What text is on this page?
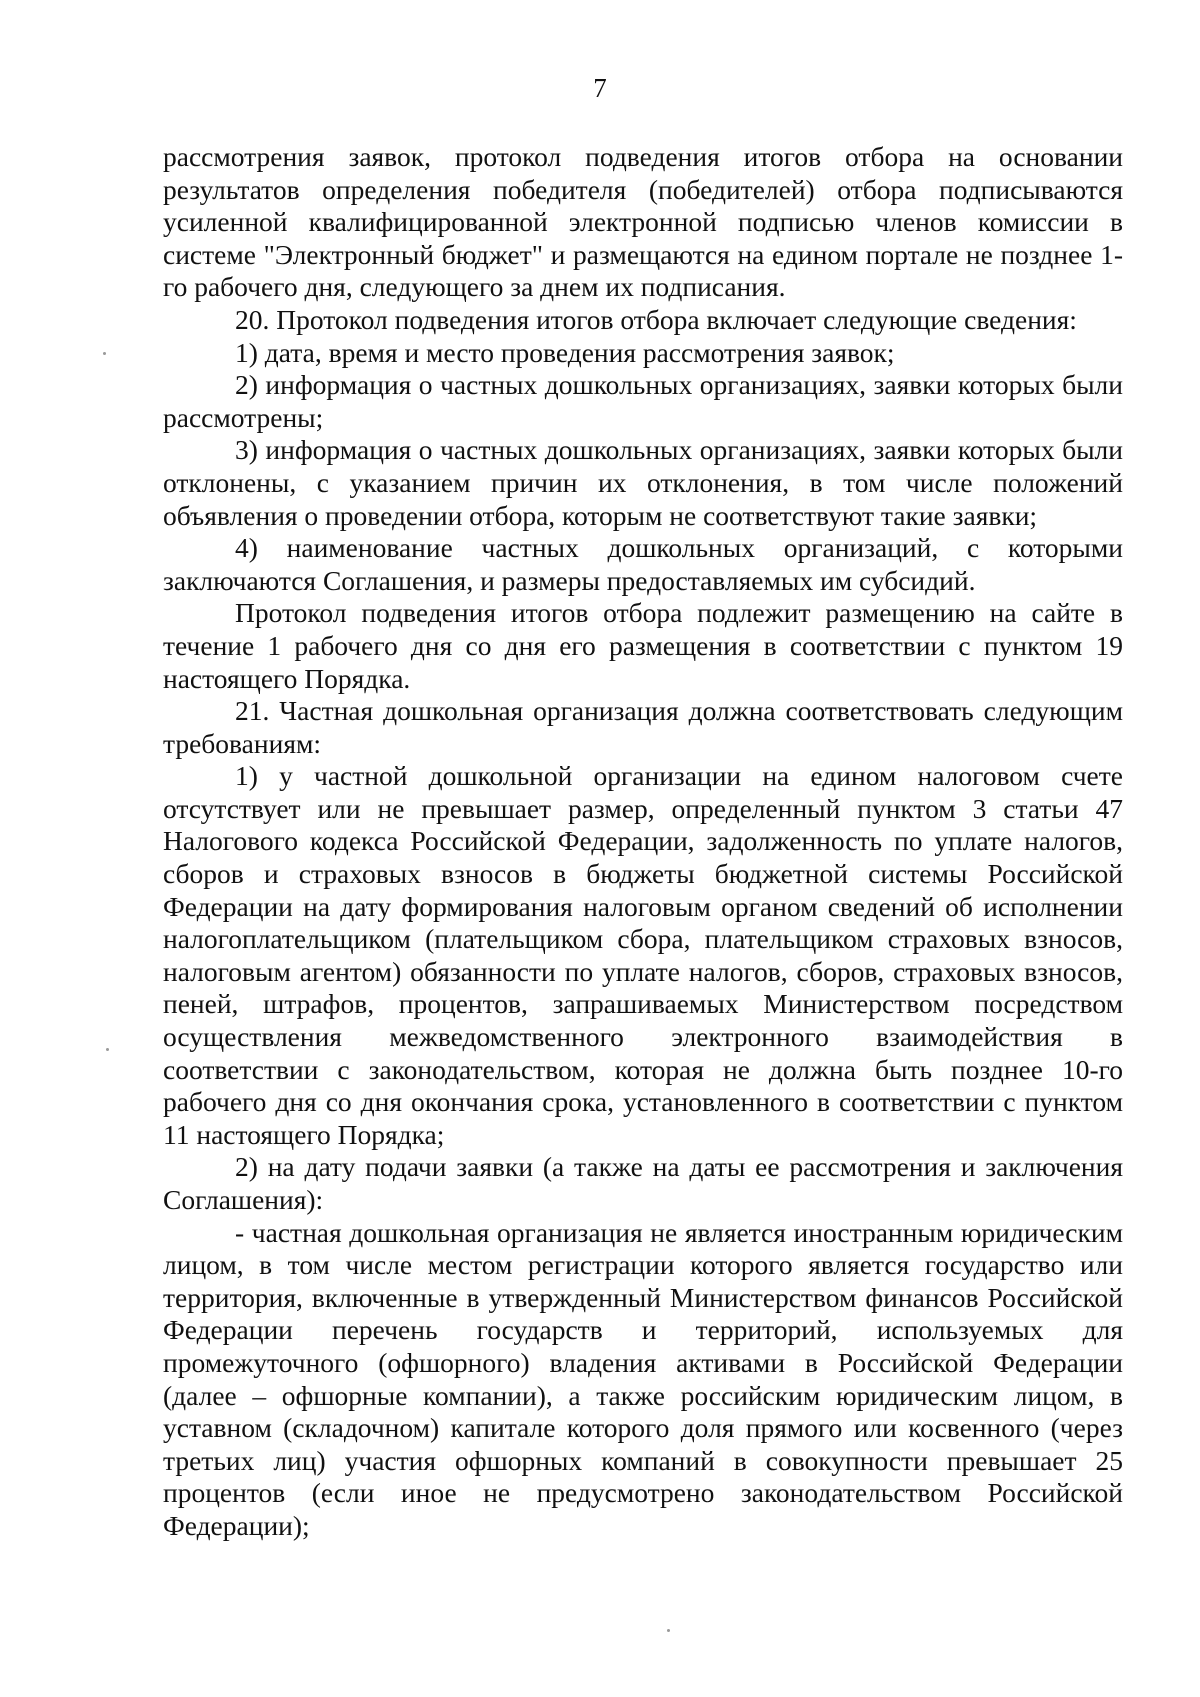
7

рассмотрения заявок, протокол подведения итогов отбора на основании результатов определения победителя (победителей) отбора подписываются усиленной квалифицированной электронной подписью членов комиссии в системе "Электронный бюджет" и размещаются на едином портале не позднее 1-го рабочего дня, следующего за днем их подписания.

20. Протокол подведения итогов отбора включает следующие сведения:

1) дата, время и место проведения рассмотрения заявок;

2) информация о частных дошкольных организациях, заявки которых были рассмотрены;

3) информация о частных дошкольных организациях, заявки которых были отклонены, с указанием причин их отклонения, в том числе положений объявления о проведении отбора, которым не соответствуют такие заявки;

4) наименование частных дошкольных организаций, с которыми заключаются Соглашения, и размеры предоставляемых им субсидий.

Протокол подведения итогов отбора подлежит размещению на сайте в течение 1 рабочего дня со дня его размещения в соответствии с пунктом 19 настоящего Порядка.

21. Частная дошкольная организация должна соответствовать следующим требованиям:

1) у частной дошкольной организации на едином налоговом счете отсутствует или не превышает размер, определенный пунктом 3 статьи 47 Налогового кодекса Российской Федерации, задолженность по уплате налогов, сборов и страховых взносов в бюджеты бюджетной системы Российской Федерации на дату формирования налоговым органом сведений об исполнении налогоплательщиком (плательщиком сбора, плательщиком страховых взносов, налоговым агентом) обязанности по уплате налогов, сборов, страховых взносов, пеней, штрафов, процентов, запрашиваемых Министерством посредством осуществления межведомственного электронного взаимодействия в соответствии с законодательством, которая не должна быть позднее 10-го рабочего дня со дня окончания срока, установленного в соответствии с пунктом 11 настоящего Порядка;

2) на дату подачи заявки (а также на даты ее рассмотрения и заключения Соглашения):

- частная дошкольная организация не является иностранным юридическим лицом, в том числе местом регистрации которого является государство или территория, включенные в утвержденный Министерством финансов Российской Федерации перечень государств и территорий, используемых для промежуточного (офшорного) владения активами в Российской Федерации (далее – офшорные компании), а также российским юридическим лицом, в уставном (складочном) капитале которого доля прямого или косвенного (через третьих лиц) участия офшорных компаний в совокупности превышает 25 процентов (если иное не предусмотрено законодательством Российской Федерации);
